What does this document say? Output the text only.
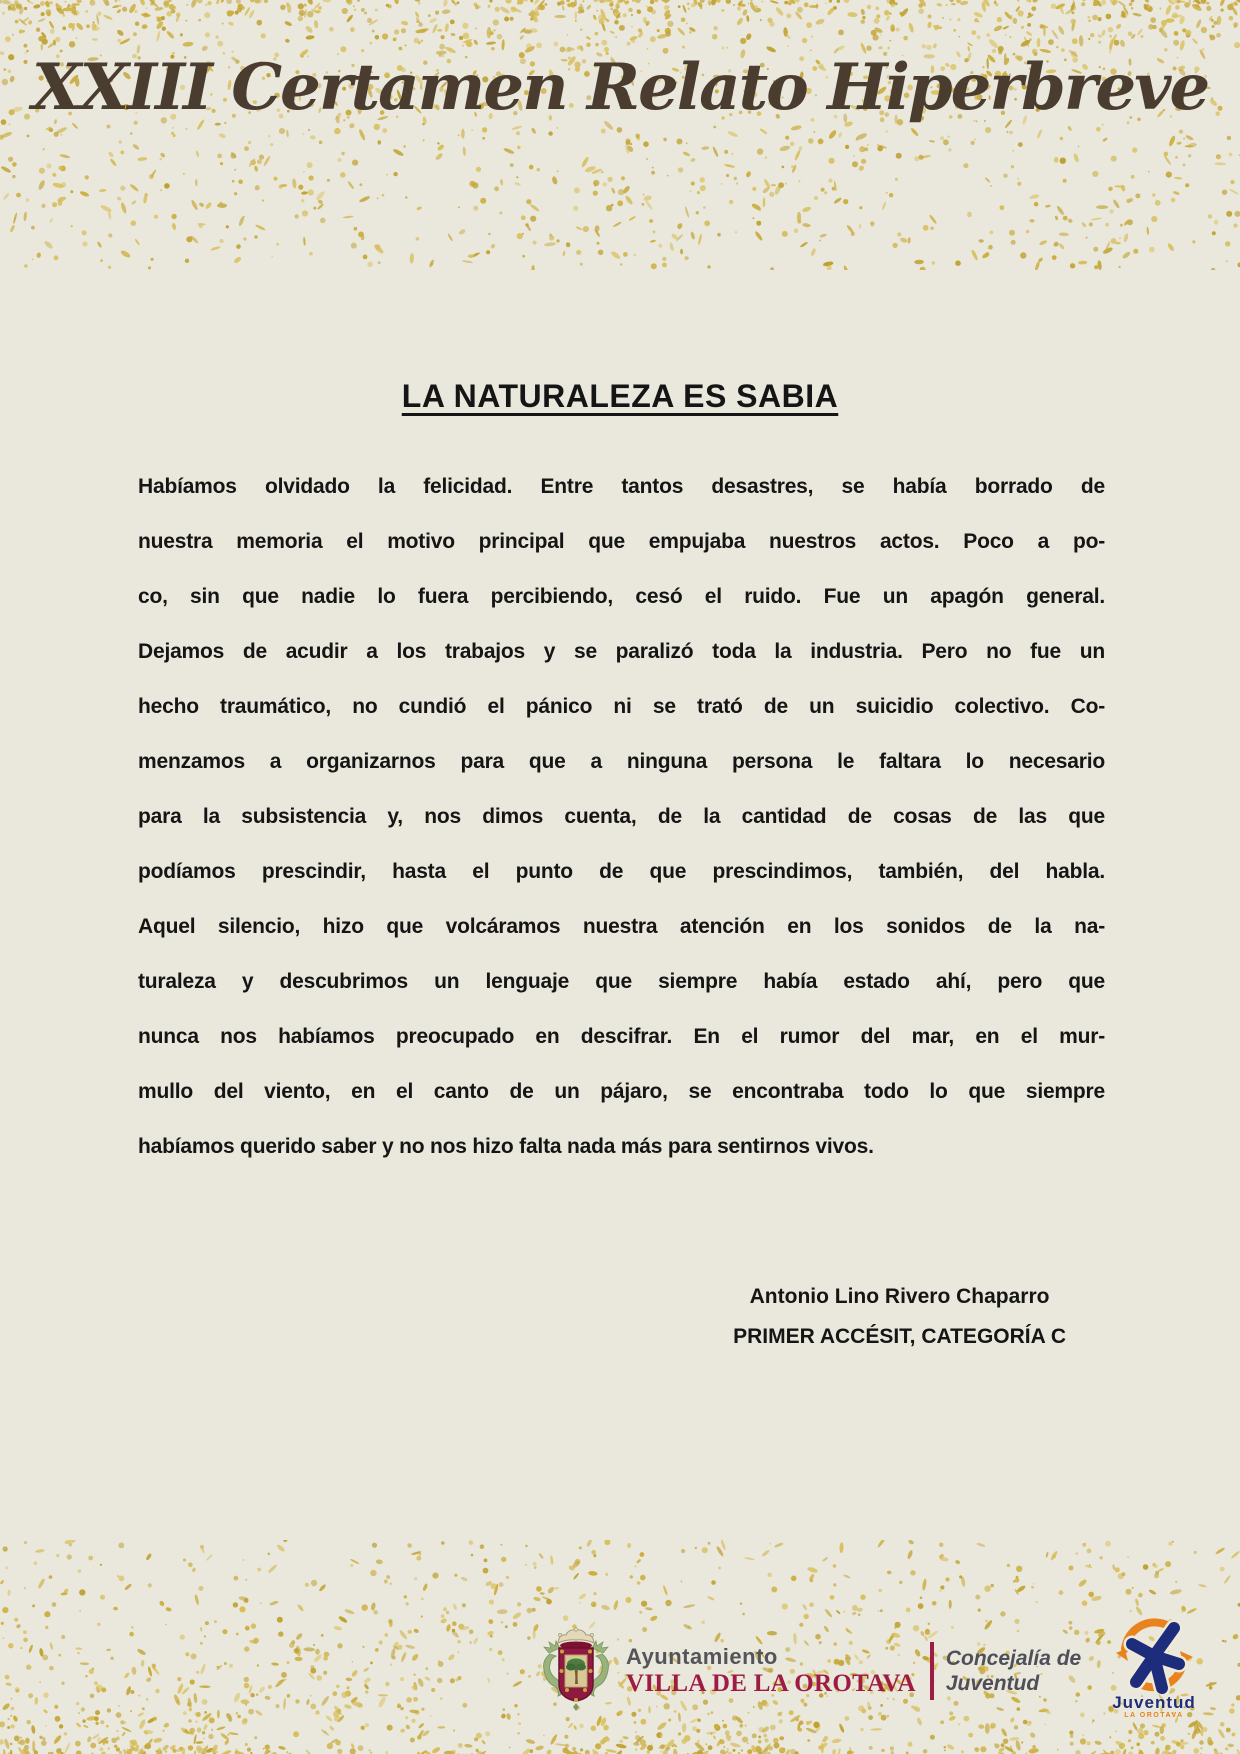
XXIII Certamen Relato Hiperbreve
LA NATURALEZA ES SABIA
Habíamos olvidado la felicidad. Entre tantos desastres, se había borrado de
nuestra memoria el motivo principal que empujaba nuestros actos. Poco a po-
co, sin que nadie lo fuera percibiendo, cesó el ruido. Fue un apagón general.
Dejamos de acudir a los trabajos y se paralizó toda la industria. Pero no fue un
hecho traumático, no cundió el pánico ni se trató de un suicidio colectivo. Co-
menzamos a organizarnos para que a ninguna persona le faltara lo necesario
para la subsistencia y, nos dimos cuenta, de la cantidad de cosas de las que
podíamos prescindir, hasta el punto de que prescindimos, también, del habla.
Aquel silencio, hizo que volcáramos nuestra atención en los sonidos de la na-
turaleza y descubrimos un lenguaje que siempre había estado ahí, pero que
nunca nos habíamos preocupado en descifrar. En el rumor del mar, en el mur-
mullo del viento, en el canto de un pájaro, se encontraba todo lo que siempre
habíamos querido saber y no nos hizo falta nada más para sentirnos vivos.
Antonio Lino Rivero Chaparro
PRIMER ACCÉSIT, CATEGORÍA C
Ayuntamiento
VILLA DE LA OROTAVA
Concejalía de
Juventud
Juventud
LA OROTAVA
